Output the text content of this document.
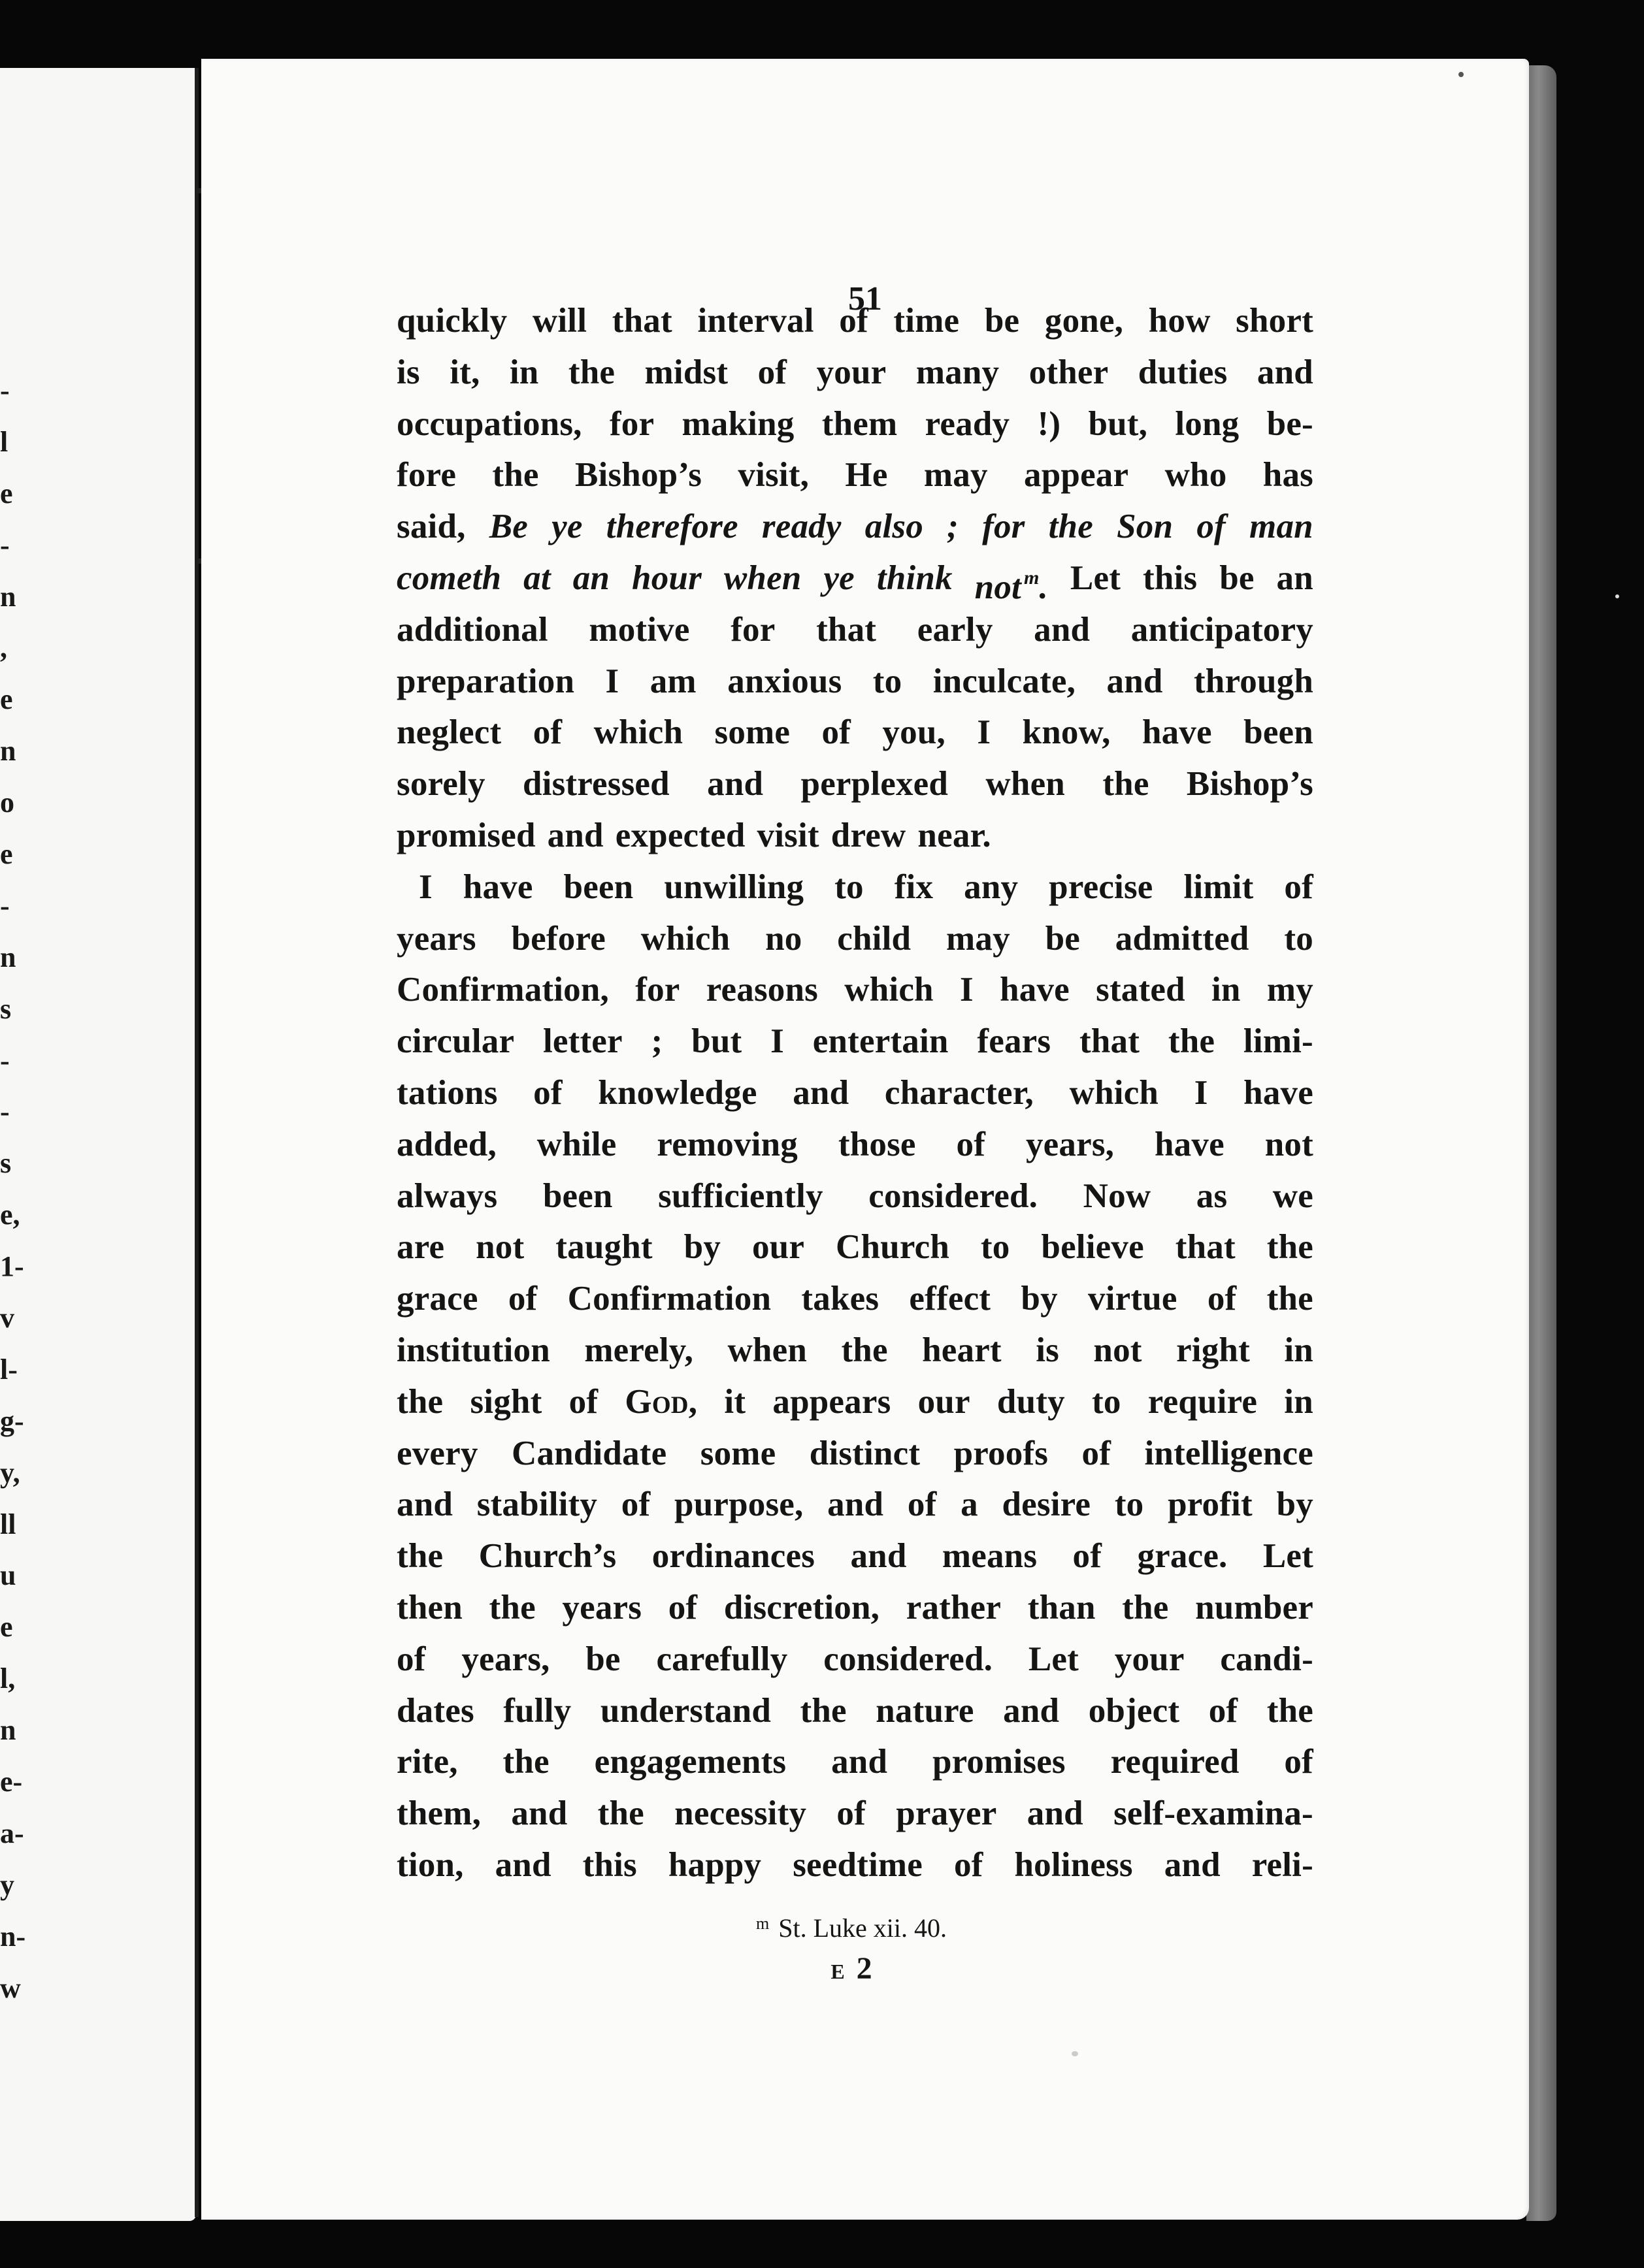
-
l
e
-
n
,
e
n
o
e
-
n
s
-
-
s
e,
1-
v
l-
g-
y,
ll
u
e
l,
n
e-
a-
y
n-
w
51
quickly will that interval of time be gone, how short
is it, in the midst of your many other duties and
occupations, for making them ready !) but, long be-
fore the Bishop’s visit, He may appear who has
said, Be ye therefore ready also ; for the Son of man
cometh at an hour when ye think not $^m$. Let this be an
additional motive for that early and anticipatory
preparation I am anxious to inculcate, and through
neglect of which some of you, I know, have been
sorely distressed and perplexed when the Bishop’s
promised and expected visit drew near.
I have been unwilling to fix any precise limit of
years before which no child may be admitted to
Confirmation, for reasons which I have stated in my
circular letter ; but I entertain fears that the limi-
tations of knowledge and character, which I have
added, while removing those of years, have not
always been sufficiently considered. Now as we
are not taught by our Church to believe that the
grace of Confirmation takes effect by virtue of the
institution merely, when the heart is not right in
the sight of God, it appears our duty to require in
every Candidate some distinct proofs of intelligence
and stability of purpose, and of a desire to profit by
the Church’s ordinances and means of grace. Let
then the years of discretion, rather than the number
of years, be carefully considered. Let your candi-
dates fully understand the nature and object of the
rite, the engagements and promises required of
them, and the necessity of prayer and self-examina-
tion, and this happy seedtime of holiness and reli-
$^m$ St. Luke xii. 40.
E 2
